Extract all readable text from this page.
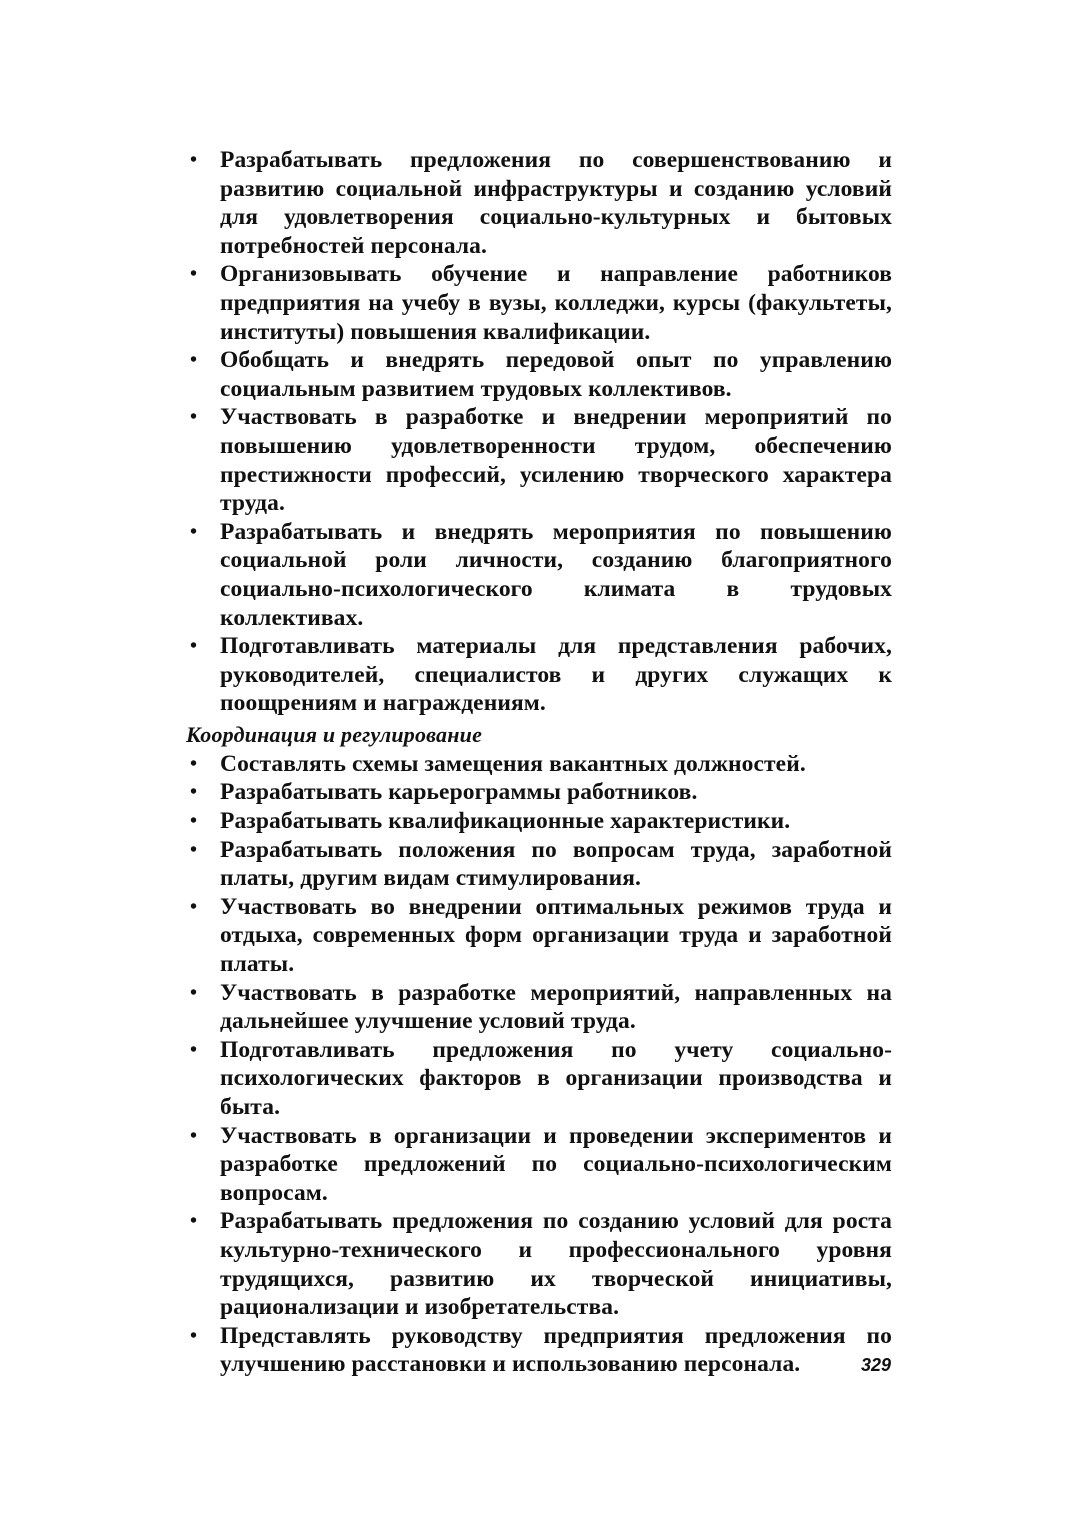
• Разрабатывать предложения по совершенствованию и развитию социальной инфраструктуры и созданию условий для удовлетворения социально-культурных и бытовых потребностей персонала.
• Организовывать обучение и направление работников предприятия на учебу в вузы, колледжи, курсы (факультеты, институты) повышения квалификации.
• Обобщать и внедрять передовой опыт по управлению социальным развитием трудовых коллективов.
• Участвовать в разработке и внедрении мероприятий по повышению удовлетворенности трудом, обеспечению престижности профессий, усилению творческого характера труда.
• Разрабатывать и внедрять мероприятия по повышению социальной роли личности, созданию благоприятного социально-психологического климата в трудовых коллективах.
• Подготавливать материалы для представления рабочих, руководителей, специалистов и других служащих к поощрениям и награждениям.
Координация и регулирование
• Составлять схемы замещения вакантных должностей.
• Разрабатывать карьерограммы работников.
• Разрабатывать квалификационные характеристики.
• Разрабатывать положения по вопросам труда, заработной платы, другим видам стимулирования.
• Участвовать во внедрении оптимальных режимов труда и отдыха, современных форм организации труда и заработной платы.
• Участвовать в разработке мероприятий, направленных на дальнейшее улучшение условий труда.
• Подготавливать предложения по учету социально-психологических факторов в организации производства и быта.
• Участвовать в организации и проведении экспериментов и разработке предложений по социально-психологическим вопросам.
• Разрабатывать предложения по созданию условий для роста культурно-технического и профессионального уровня трудящихся, развитию их творческой инициативы, рационализации и изобретательства.
• Представлять руководству предприятия предложения по улучшению расстановки и использованию персонала.	329
